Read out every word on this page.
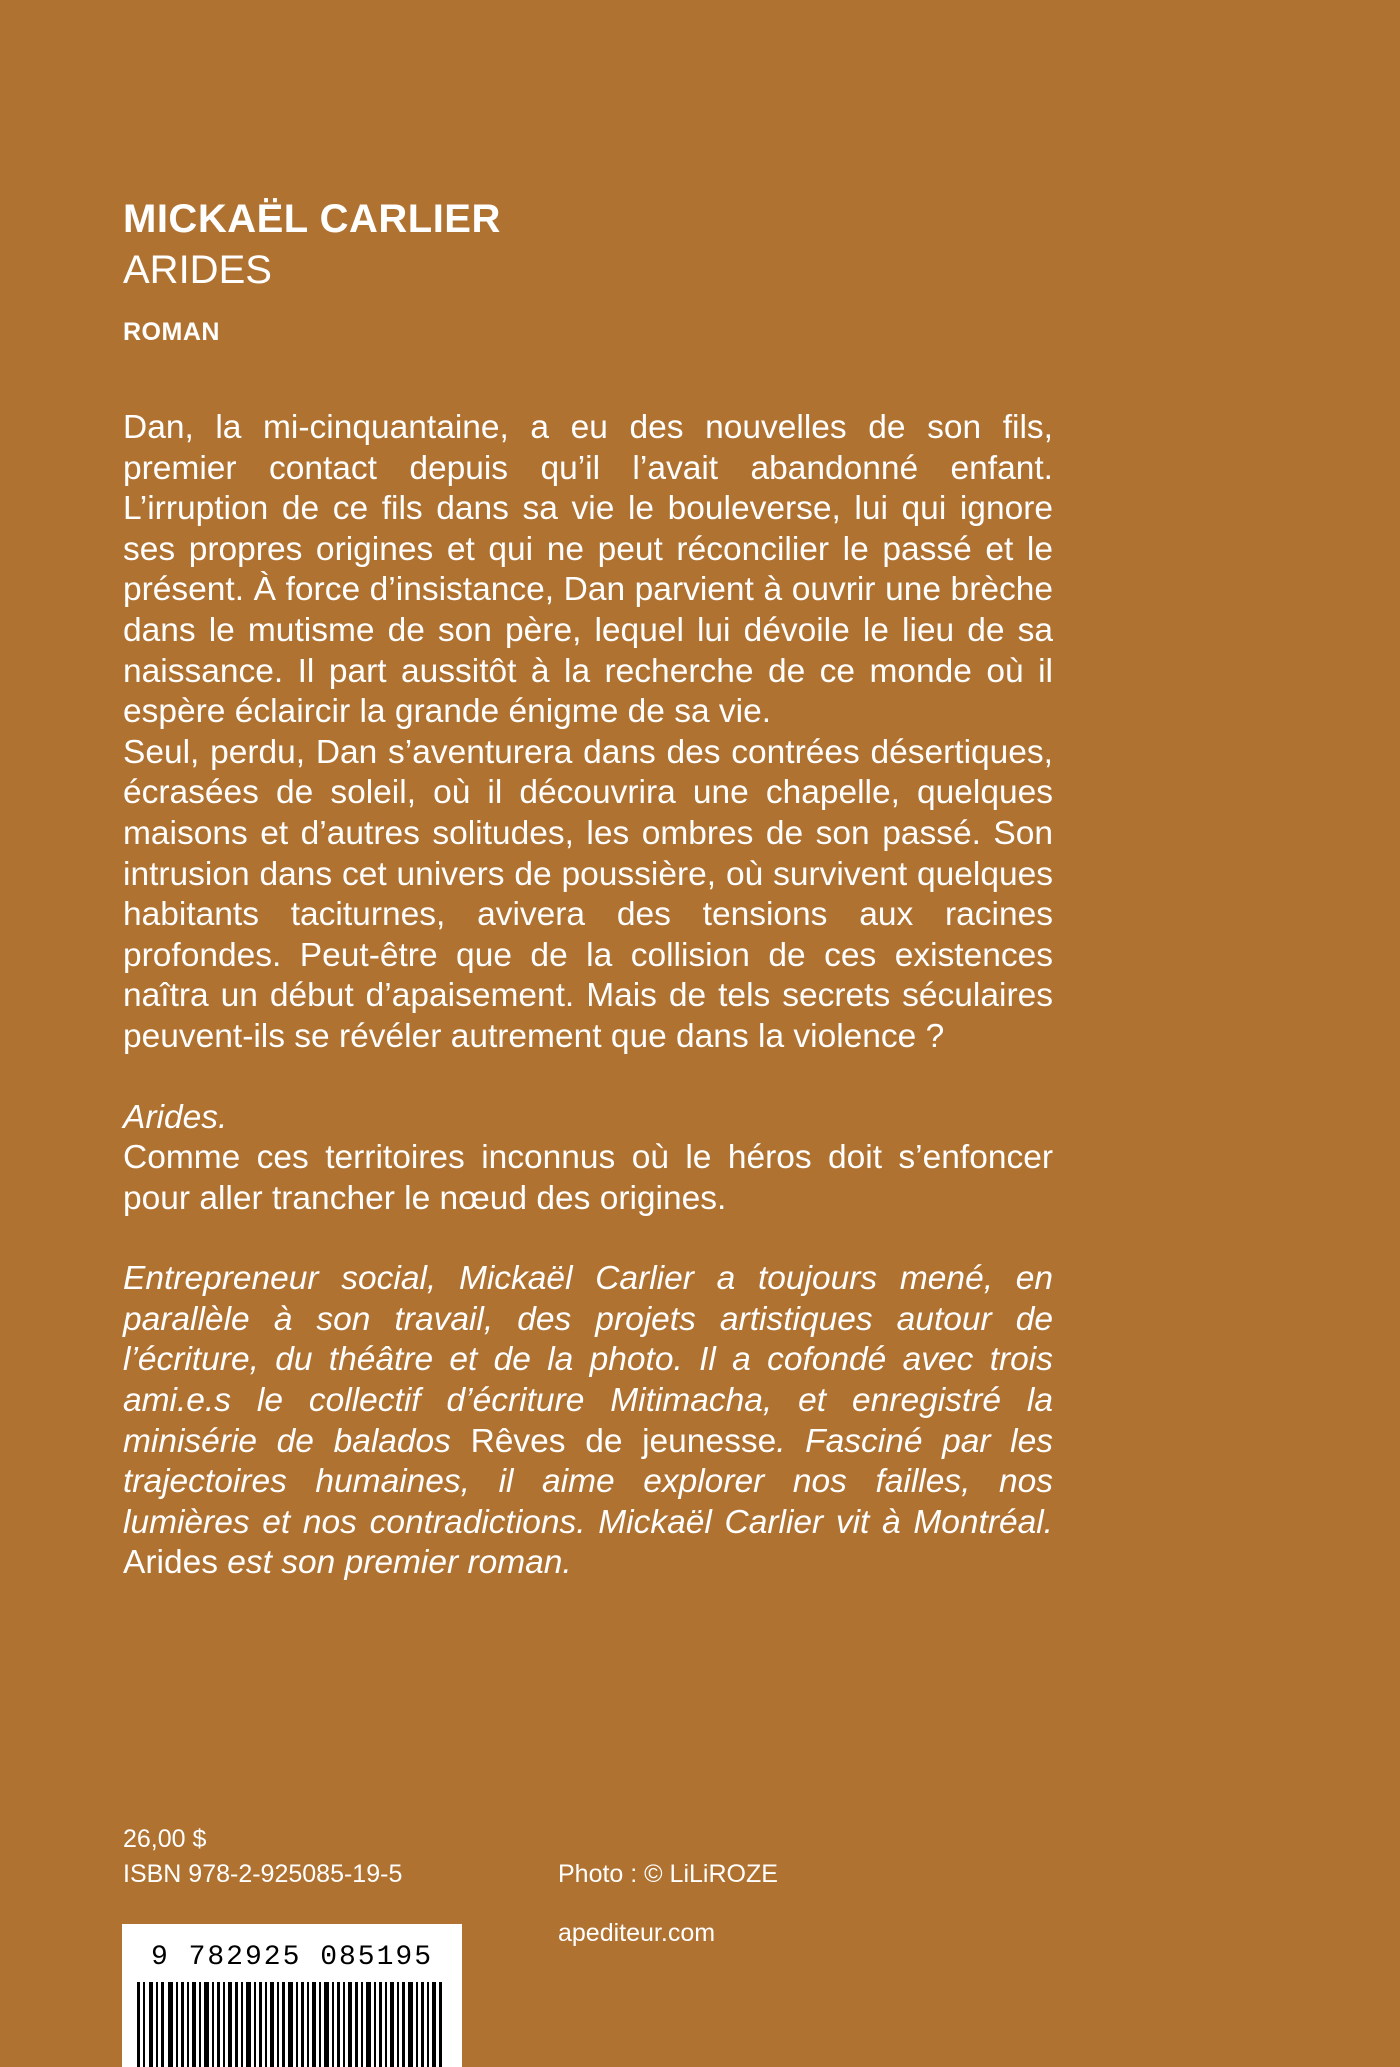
MICKAËL CARLIER
ARIDES
ROMAN

Dan, la mi-cinquantaine, a eu des nouvelles de son fils, premier contact depuis qu’il l’avait abandonné enfant. L’irruption de ce fils dans sa vie le bouleverse, lui qui ignore ses propres origines et qui ne peut réconcilier le passé et le présent. À force d’insistance, Dan parvient à ouvrir une brèche dans le mutisme de son père, lequel lui dévoile le lieu de sa naissance. Il part aussitôt à la recherche de ce monde où il espère éclaircir la grande énigme de sa vie.

Seul, perdu, Dan s’aventurera dans des contrées désertiques, écrasées de soleil, où il découvrira une chapelle, quelques maisons et d’autres solitudes, les ombres de son passé. Son intrusion dans cet univers de poussière, où survivent quelques habitants taciturnes, avivera des tensions aux racines profondes. Peut-être que de la collision de ces existences naîtra un début d’apaisement. Mais de tels secrets séculaires peuvent-ils se révéler autrement que dans la violence ?

Arides.

Comme ces territoires inconnus où le héros doit s’enfoncer pour aller trancher le nœud des origines.

Entrepreneur social, Mickaël Carlier a toujours mené, en parallèle à son travail, des projets artistiques autour de l’écriture, du théâtre et de la photo. Il a cofondé avec trois ami.e.s le collectif d’écriture Mitimacha, et enregistré la minisérie de balados Rêves de jeunesse. Fasciné par les trajectoires humaines, il aime explorer nos failles, nos lumières et nos contradictions. Mickaël Carlier vit à Montréal. Arides est son premier roman.

26,00 $
ISBN 978-2-925085-19-5	Photo : © LiLiROZE
apediteur.com
9 782925 085195
